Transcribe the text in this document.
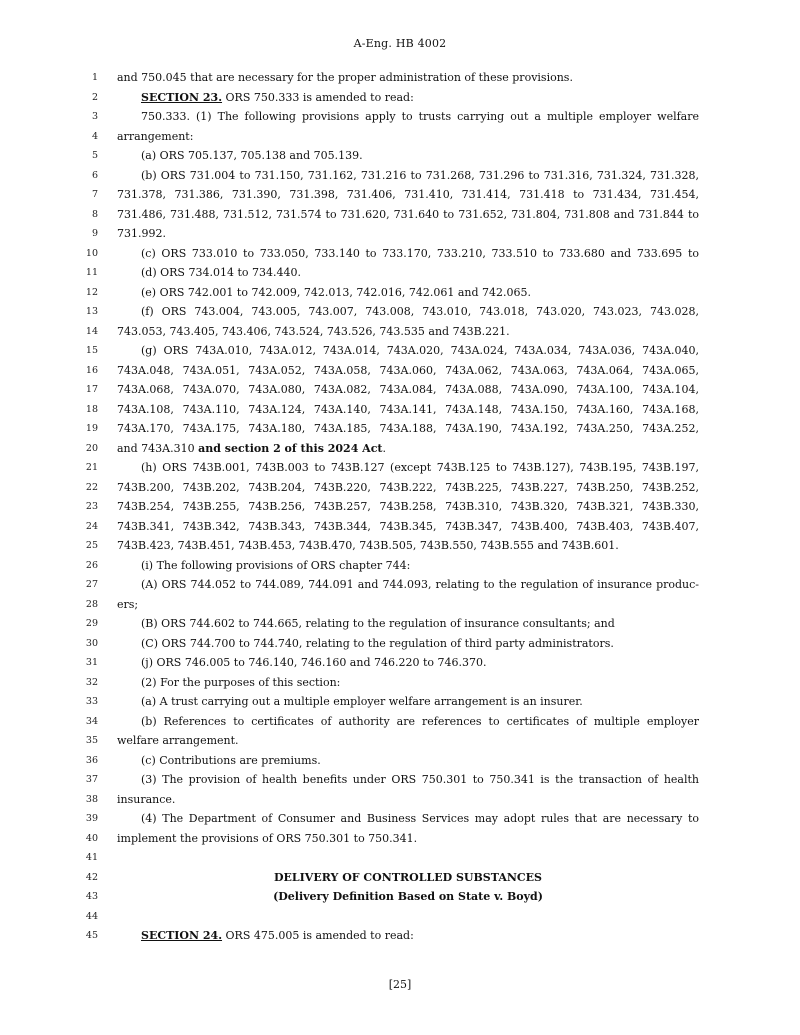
A-Eng. HB 4002
1 and 750.045 that are necessary for the proper administration of these provisions.
2	SECTION 23. ORS 750.333 is amended to read:
3	750.333. (1) The following provisions apply to trusts carrying out a multiple employer welfare
4 arrangement:
5	(a) ORS 705.137, 705.138 and 705.139.
6	(b) ORS 731.004 to 731.150, 731.162, 731.216 to 731.268, 731.296 to 731.316, 731.324, 731.328,
7 731.378, 731.386, 731.390, 731.398, 731.406, 731.410, 731.414, 731.418 to 731.434, 731.454,
8 731.486, 731.488, 731.512, 731.574 to 731.620, 731.640 to 731.652, 731.804, 731.808 and 731.844 to
9 731.992.
10	(c) ORS 733.010 to 733.050, 733.140 to 733.170, 733.210, 733.510 to 733.680 and 733.695 to
11	(d) ORS 734.014 to 734.440.
12	(e) ORS 742.001 to 742.009, 742.013, 742.016, 742.061 and 742.065.
13	(f) ORS 743.004, 743.005, 743.007, 743.008, 743.010, 743.018, 743.020, 743.023, 743.028,
14 743.053, 743.405, 743.406, 743.524, 743.526, 743.535 and 743B.221.
15	(g) ORS 743A.010, 743A.012, 743A.014, 743A.020, 743A.024, 743A.034, 743A.036, 743A.040,
16 743A.048, 743A.051, 743A.052, 743A.058, 743A.060, 743A.062, 743A.063, 743A.064, 743A.065,
17 743A.068, 743A.070, 743A.080, 743A.082, 743A.084, 743A.088, 743A.090, 743A.100, 743A.104,
18 743A.108, 743A.110, 743A.124, 743A.140, 743A.141, 743A.148, 743A.150, 743A.160, 743A.168,
19 743A.170, 743A.175, 743A.180, 743A.185, 743A.188, 743A.190, 743A.192, 743A.250, 743A.252,
20 and 743A.310 and section 2 of this 2024 Act.
21	(h) ORS 743B.001, 743B.003 to 743B.127 (except 743B.125 to 743B.127), 743B.195, 743B.197,
22 743B.200, 743B.202, 743B.204, 743B.220, 743B.222, 743B.225, 743B.227, 743B.250, 743B.252,
23 743B.254, 743B.255, 743B.256, 743B.257, 743B.258, 743B.310, 743B.320, 743B.321, 743B.330,
24 743B.341, 743B.342, 743B.343, 743B.344, 743B.345, 743B.347, 743B.400, 743B.403, 743B.407,
25 743B.423, 743B.451, 743B.453, 743B.470, 743B.505, 743B.550, 743B.555 and 743B.601.
26	(i) The following provisions of ORS chapter 744:
27	(A) ORS 744.052 to 744.089, 744.091 and 744.093, relating to the regulation of insurance produc-
28 ers;
29	(B) ORS 744.602 to 744.665, relating to the regulation of insurance consultants; and
30	(C) ORS 744.700 to 744.740, relating to the regulation of third party administrators.
31	(j) ORS 746.005 to 746.140, 746.160 and 746.220 to 746.370.
32	(2) For the purposes of this section:
33	(a) A trust carrying out a multiple employer welfare arrangement is an insurer.
34	(b) References to certificates of authority are references to certificates of multiple employer
35 welfare arrangement.
36	(c) Contributions are premiums.
37	(3) The provision of health benefits under ORS 750.301 to 750.341 is the transaction of health
38 insurance.
39	(4) The Department of Consumer and Business Services may adopt rules that are necessary to
40 implement the provisions of ORS 750.301 to 750.341.
41
42	DELIVERY OF CONTROLLED SUBSTANCES
43	(Delivery Definition Based on State v. Boyd)
44
45	SECTION 24. ORS 475.005 is amended to read:
[25]
